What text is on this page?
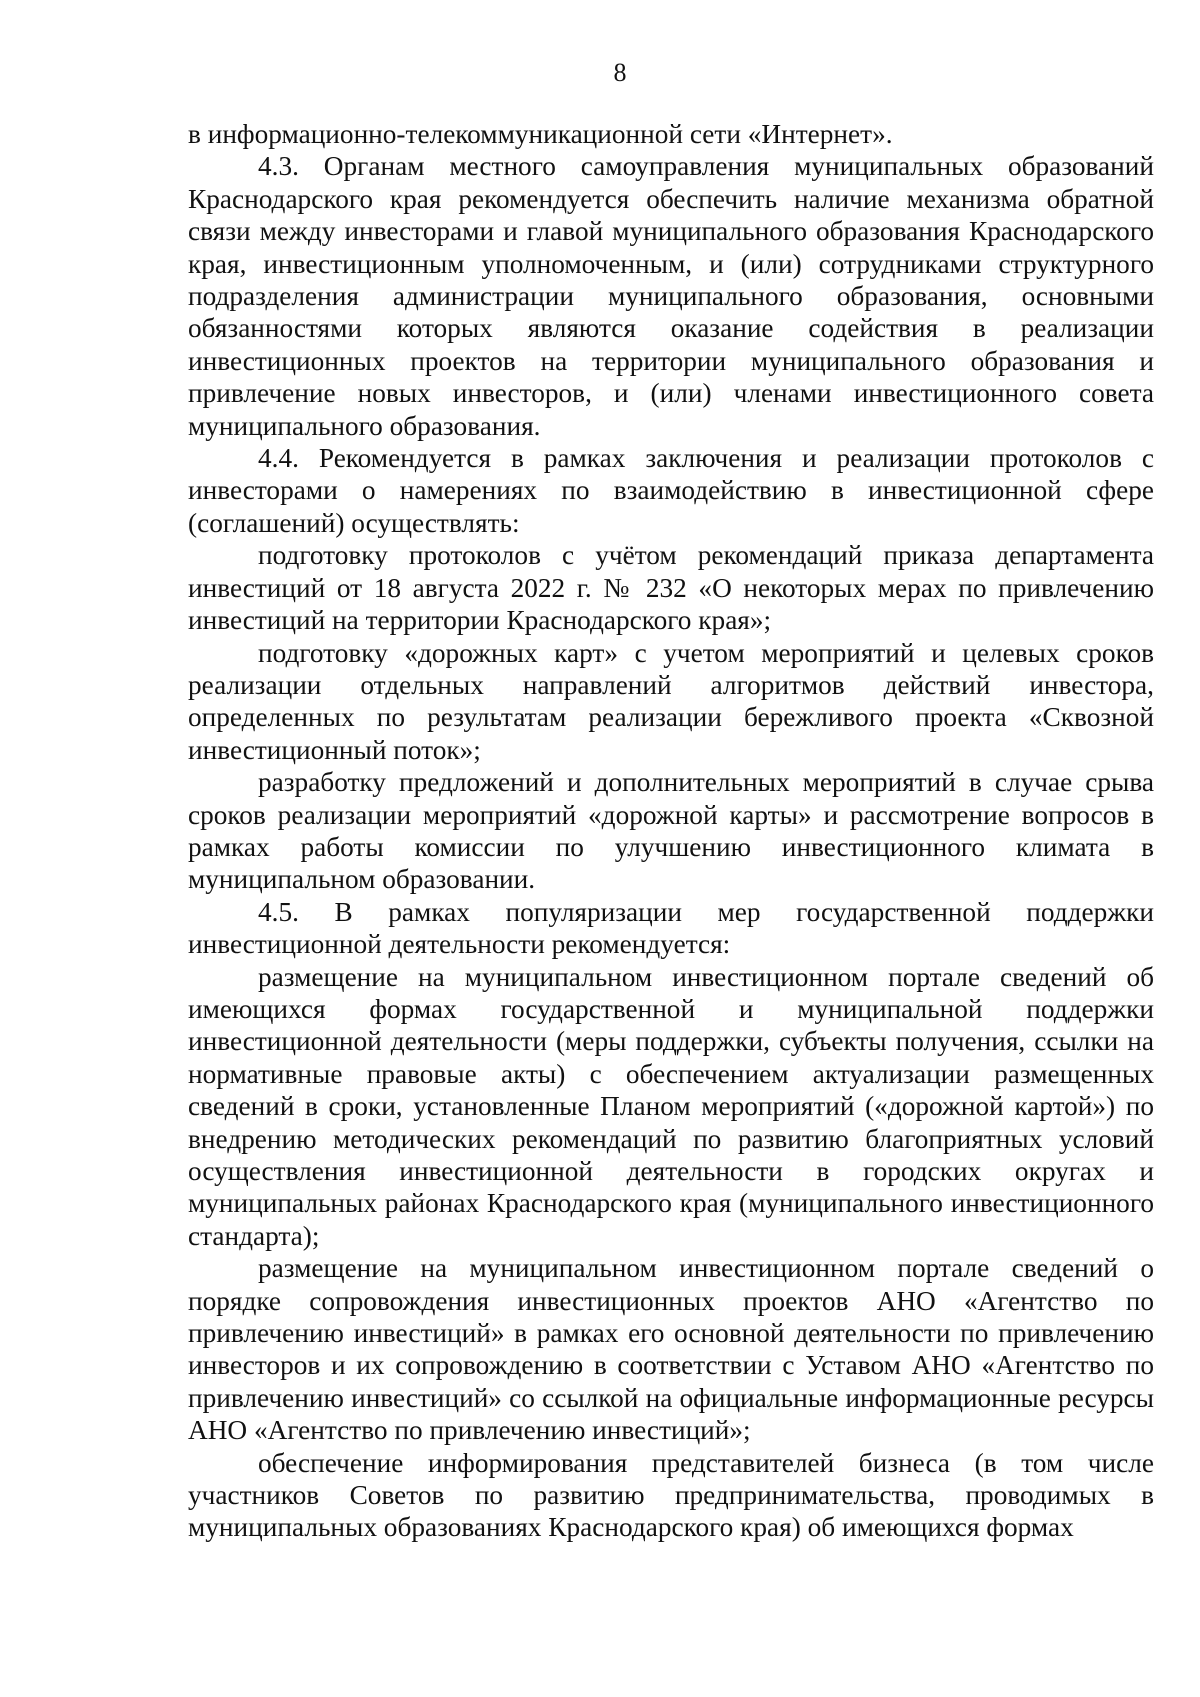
8

в информационно-телекоммуникационной сети «Интернет».

4.3. Органам местного самоуправления муниципальных образований Краснодарского края рекомендуется обеспечить наличие механизма обратной связи между инвесторами и главой муниципального образования Краснодарского края, инвестиционным уполномоченным, и (или) сотрудниками структурного подразделения администрации муниципального образования, основными обязанностями которых являются оказание содействия в реализации инвестиционных проектов на территории муниципального образования и привлечение новых инвесторов, и (или) членами инвестиционного совета муниципального образования.

4.4. Рекомендуется в рамках заключения и реализации протоколов с инвесторами о намерениях по взаимодействию в инвестиционной сфере (соглашений) осуществлять:

подготовку протоколов с учётом рекомендаций приказа департамента инвестиций от 18 августа 2022 г. № 232 «О некоторых мерах по привлечению инвестиций на территории Краснодарского края»;

подготовку «дорожных карт» с учетом мероприятий и целевых сроков реализации отдельных направлений алгоритмов действий инвестора, определенных по результатам реализации бережливого проекта «Сквозной инвестиционный поток»;

разработку предложений и дополнительных мероприятий в случае срыва сроков реализации мероприятий «дорожной карты» и рассмотрение вопросов в рамках работы комиссии по улучшению инвестиционного климата в муниципальном образовании.

4.5. В рамках популяризации мер государственной поддержки инвестиционной деятельности рекомендуется:

размещение на муниципальном инвестиционном портале сведений об имеющихся формах государственной и муниципальной поддержки инвестиционной деятельности (меры поддержки, субъекты получения, ссылки на нормативные правовые акты) с обеспечением актуализации размещенных сведений в сроки, установленные Планом мероприятий («дорожной картой») по внедрению методических рекомендаций по развитию благоприятных условий осуществления инвестиционной деятельности в городских округах и муниципальных районах Краснодарского края (муниципального инвестиционного стандарта);

размещение на муниципальном инвестиционном портале сведений о порядке сопровождения инвестиционных проектов АНО «Агентство по привлечению инвестиций» в рамках его основной деятельности по привлечению инвесторов и их сопровождению в соответствии с Уставом АНО «Агентство по привлечению инвестиций» со ссылкой на официальные информационные ресурсы АНО «Агентство по привлечению инвестиций»;

обеспечение информирования представителей бизнеса (в том числе участников Советов по развитию предпринимательства, проводимых в муниципальных образованиях Краснодарского края) об имеющихся формах
